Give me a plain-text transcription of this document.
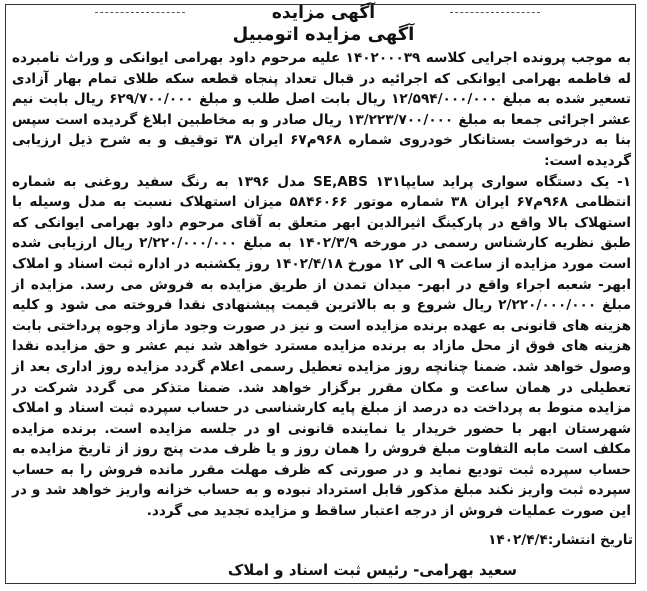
آگهی مزایده
آگهی مزایده اتومبیل

به موجب پرونده اجرایی کلاسه ۱۴۰۲۰۰۰۳۹ علیه مرحوم داود بهرامی ایوانکی و وراث نامبرده له فاطمه بهرامی ایوانکی که اجرائیه در قبال تعداد پنجاه قطعه سکه طلای تمام بهار آزادی تسعیر شده به مبلغ ۱۲/۵۹۴/۰۰۰/۰۰۰ ریال بابت اصل طلب و مبلغ ۶۲۹/۷۰۰/۰۰۰ ریال بابت نیم عشر اجرائی جمعا به مبلغ ۱۳/۲۲۳/۷۰۰/۰۰۰ ریال صادر و به مخاطبین ابلاغ گردیده است سپس بنا به درخواست بستانکار خودروی شماره ۹۶۸م۶۷ ایران ۳۸ توقیف و به شرح ذیل ارزیابی گردیده است:

۱- یک دستگاه سواری پراید سایپا۱۳۱ SE,ABS مدل ۱۳۹۶ به رنگ سفید روغنی به شماره انتظامی ۹۶۸م۶۷ ایران ۳۸ شماره موتور ۵۸۴۶۰۶۶ میزان استهلاک نسبت به مدل وسیله با استهلاک بالا واقع در پارکینگ اثیرالدین ابهر متعلق به آقای مرحوم داود بهرامی ایوانکی که طبق نظریه کارشناس رسمی در مورخه ۱۴۰۲/۳/۹ به مبلغ ۲/۲۲۰/۰۰۰/۰۰۰ ریال ارزیابی شده است مورد مزایده از ساعت ۹ الی ۱۲ مورخ ۱۴۰۲/۴/۱۸ روز یکشنبه در اداره ثبت اسناد و املاک ابهر- شعبه اجراء واقع در ابهر- میدان تمدن از طریق مزایده به فروش می رسد. مزایده از مبلغ ۲/۲۲۰/۰۰۰/۰۰۰ ریال شروع و به بالاترین قیمت پیشنهادی نقدا فروخته می شود و کلیه هزینه های قانونی به عهده برنده مزایده است و نیز در صورت وجود مازاد وجوه پرداختی بابت هزینه های فوق از محل مازاد به برنده مزایده مسترد خواهد شد نیم عشر و حق مزایده نقدا وصول خواهد شد. ضمنا چنانچه روز مزایده تعطیل رسمی اعلام گردد مزایده روز اداری بعد از تعطیلی در همان ساعت و مکان مقرر برگزار خواهد شد. ضمنا متذکر می گردد شرکت در مزایده منوط به پرداخت ده درصد از مبلغ پایه کارشناسی در حساب سپرده ثبت اسناد و املاک شهرستان ابهر با حضور خریدار یا نماینده قانونی او در جلسه مزایده است. برنده مزایده مکلف است مابه التفاوت مبلغ فروش را همان روز و یا ظرف مدت پنج روز از تاریخ مزایده به حساب سپرده ثبت تودیع نماید و در صورتی که ظرف مهلت مقرر مانده فروش را به حساب سپرده ثبت واریز نکند مبلغ مذکور قابل استرداد نبوده و به حساب خزانه واریز خواهد شد و در این صورت عملیات فروش از درجه اعتبار ساقط و مزایده تجدید می گردد.

تاریخ انتشار:۱۴۰۲/۴/۴
سعید بهرامی- رئیس ثبت اسناد و املاک
